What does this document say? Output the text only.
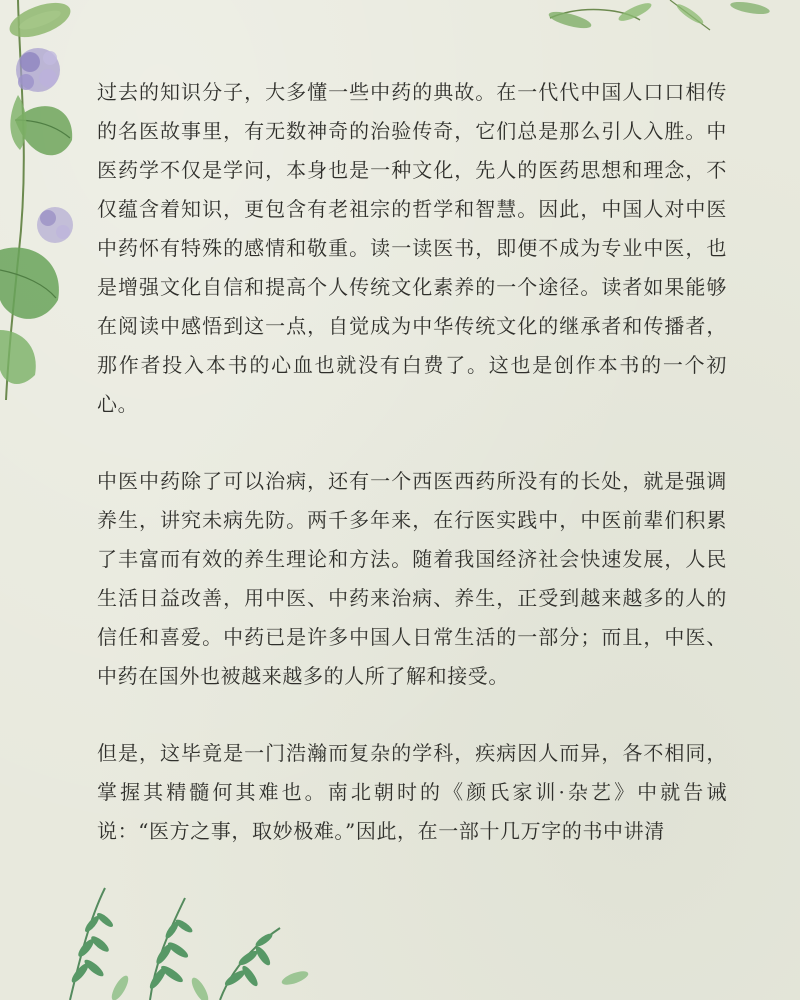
过去的知识分子，大多懂一些中药的典故。在一代代中国人口口相传的名医故事里，有无数神奇的治验传奇，它们总是那么引人入胜。中医药学不仅是学问，本身也是一种文化，先人的医药思想和理念，不仅蕴含着知识，更包含有老祖宗的哲学和智慧。因此，中国人对中医中药怀有特殊的感情和敬重。读一读医书，即便不成为专业中医，也是增强文化自信和提高个人传统文化素养的一个途径。读者如果能够在阅读中感悟到这一点，自觉成为中华传统文化的继承者和传播者，那作者投入本书的心血也就没有白费了。这也是创作本书的一个初心。

中医中药除了可以治病，还有一个西医西药所没有的长处，就是强调养生，讲究未病先防。两千多年来，在行医实践中，中医前辈们积累了丰富而有效的养生理论和方法。随着我国经济社会快速发展，人民生活日益改善，用中医、中药来治病、养生，正受到越来越多的人的信任和喜爱。中药已是许多中国人日常生活的一部分；而且，中医、中药在国外也被越来越多的人所了解和接受。

但是，这毕竟是一门浩瀚而复杂的学科，疾病因人而异，各不相同，掌握其精髓何其难也。南北朝时的《颜氏家训·杂艺》中就告诫说：“医方之事，取妙极难。”因此，在一部十几万字的书中讲清
